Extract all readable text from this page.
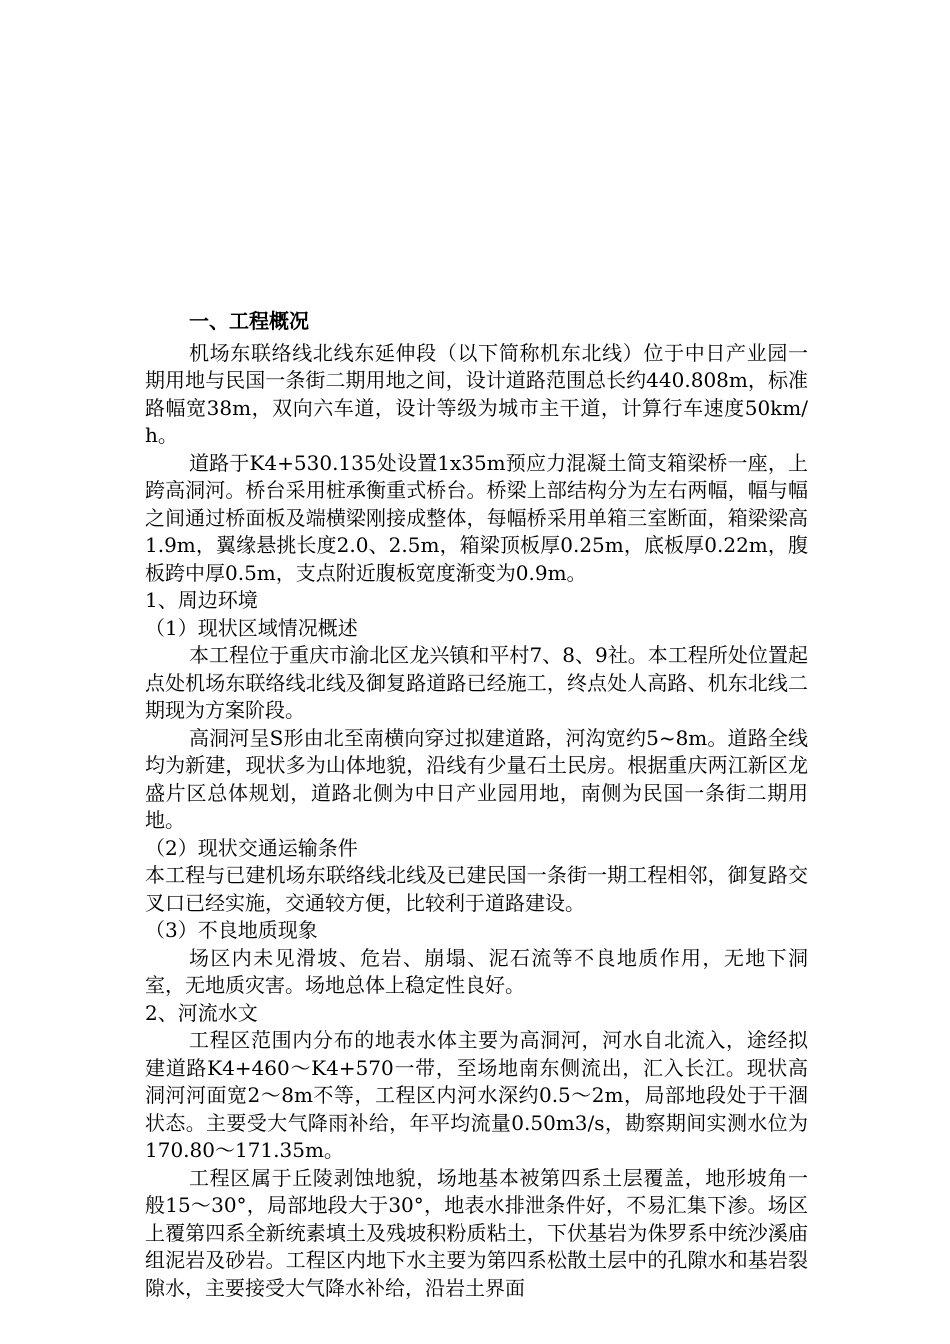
一、工程概况

机场东联络线北线东延伸段（以下简称机东北线）位于中日产业园一期用地与民国一条街二期用地之间，设计道路范围总长约440.808m，标准路幅宽38m，双向六车道，设计等级为城市主干道，计算行车速度50km/h。

道路于K4+530.135处设置1x35m预应力混凝土简支箱梁桥一座，上跨高洞河。桥台采用桩承衡重式桥台。桥梁上部结构分为左右两幅，幅与幅之间通过桥面板及端横梁刚接成整体，每幅桥采用单箱三室断面，箱梁梁高1.9m，翼缘悬挑长度2.0、2.5m，箱梁顶板厚0.25m，底板厚0.22m，腹板跨中厚0.5m，支点附近腹板宽度渐变为0.9m。

1、周边环境

（1）现状区域情况概述

本工程位于重庆市渝北区龙兴镇和平村7、8、9社。本工程所处位置起点处机场东联络线北线及御复路道路已经施工，终点处人高路、机东北线二期现为方案阶段。

高洞河呈S形由北至南横向穿过拟建道路，河沟宽约5~8m。道路全线均为新建，现状多为山体地貌，沿线有少量石土民房。根据重庆两江新区龙盛片区总体规划，道路北侧为中日产业园用地，南侧为民国一条街二期用地。

（2）现状交通运输条件

本工程与已建机场东联络线北线及已建民国一条街一期工程相邻，御复路交叉口已经实施，交通较方便，比较利于道路建设。

（3）不良地质现象

场区内未见滑坡、危岩、崩塌、泥石流等不良地质作用，无地下洞室，无地质灾害。场地总体上稳定性良好。

2、河流水文

工程区范围内分布的地表水体主要为高洞河，河水自北流入，途经拟建道路K4+460～K4+570一带，至场地南东侧流出，汇入长江。现状高洞河河面宽2～8m不等，工程区内河水深约0.5～2m，局部地段处于干涸状态。主要受大气降雨补给，年平均流量0.50m3/s，勘察期间实测水位为170.80～171.35m。

工程区属于丘陵剥蚀地貌，场地基本被第四系土层覆盖，地形坡角一般15～30°，局部地段大于30°，地表水排泄条件好，不易汇集下渗。场区上覆第四系全新统素填土及残坡积粉质粘土，下伏基岩为侏罗系中统沙溪庙组泥岩及砂岩。工程区内地下水主要为第四系松散土层中的孔隙水和基岩裂隙水，主要接受大气降水补给，沿岩土界面
